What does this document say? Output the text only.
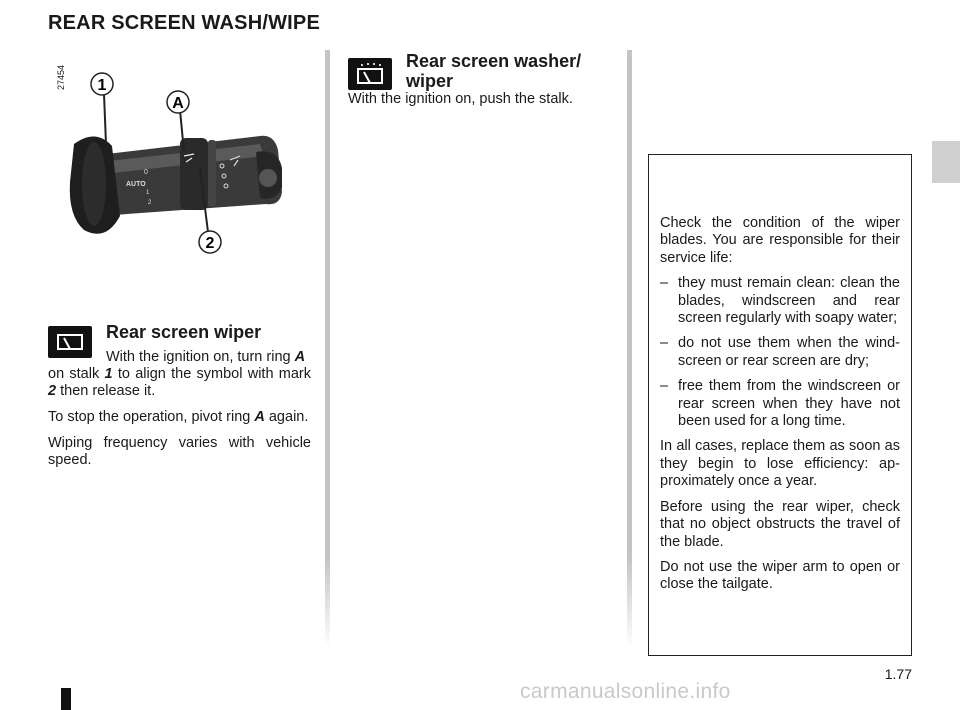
REAR SCREEN WASH/WIPE
27454
AUTO
0
1
2
1
A
2
Rear screen wiper

With the ignition on, turn ring A

on stalk 1 to align the symbol with mark 2 then release it.

To stop the operation, pivot ring A again.

Wiping frequency varies with vehicle speed.

Rear screen washer/ wiper

With the ignition on, push the stalk.

Check the condition of the wiper blades. You are responsible for their service life:

– they must remain clean: clean the blades, windscreen and rear screen regularly with soapy water;
– do not use them when the wind-screen or rear screen are dry;
– free them from the windscreen or rear screen when they have not been used for a long time.

In all cases, replace them as soon as they begin to lose efficiency: ap-proximately once a year.

Before using the rear wiper, check that no object obstructs the travel of the blade.

Do not use the wiper arm to open or close the tailgate.

1.77
carmanualsonline.info
